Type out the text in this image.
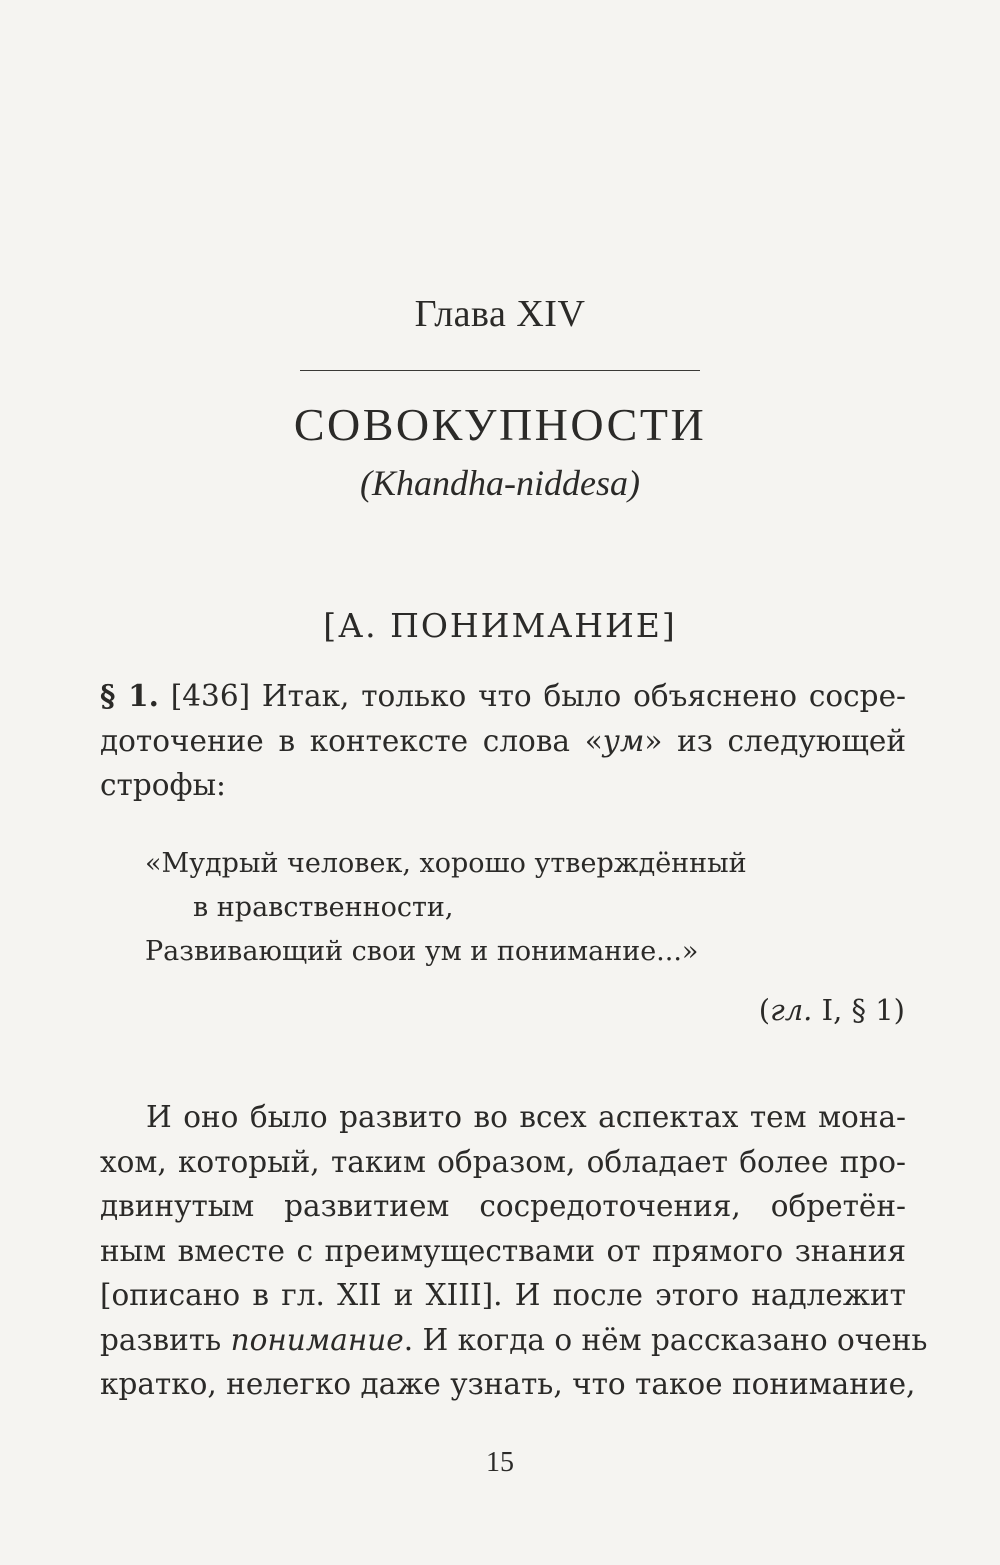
Глава XIV
СОВОКУПНОСТИ
(Khandha-niddesa)
[А. ПОНИМАНИЕ]
§ 1. [436] Итак, только что было объяснено сосре-
доточение в контексте слова «ум» из следующей
строфы:
«Мудрый человек, хорошо утверждённый
в нравственности,
Развивающий свои ум и понимание...»
(гл. I, § 1)
И оно было развито во всех аспектах тем мона-
хом, который, таким образом, обладает более про-
двинутым развитием сосредоточения, обретён-
ным вместе с преимуществами от прямого знания
[описано в гл. XII и XIII]. И после этого надлежит
развить понимание. И когда о нём рассказано очень
кратко, нелегко даже узнать, что такое понимание,
15
